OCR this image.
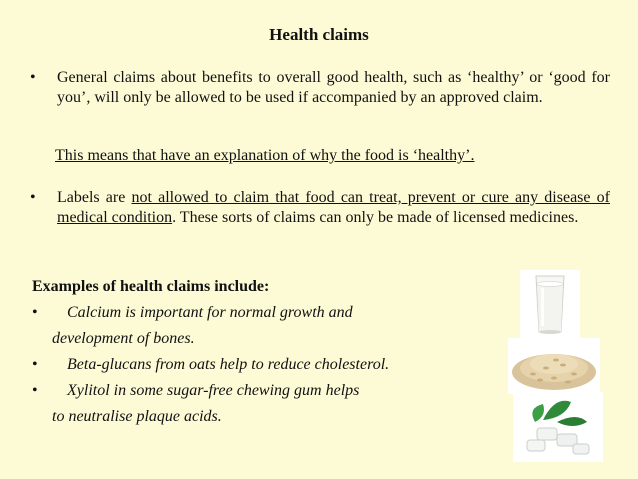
Health claims
• General claims about benefits to overall good health, such as ‘healthy’ or ‘good for you’, will only be allowed to be used if accompanied by an approved claim.
This means that have an explanation of why the food is ‘healthy’.
• Labels are not allowed to claim that food can treat, prevent or cure any disease of medical condition. These sorts of claims can only be made of licensed medicines.
Examples of health claims include:
•	Calcium is important for normal growth and
development of bones.
•	Beta-glucans from oats help to reduce cholesterol.
•	Xylitol in some sugar-free chewing gum helps
to neutralise plaque acids.
